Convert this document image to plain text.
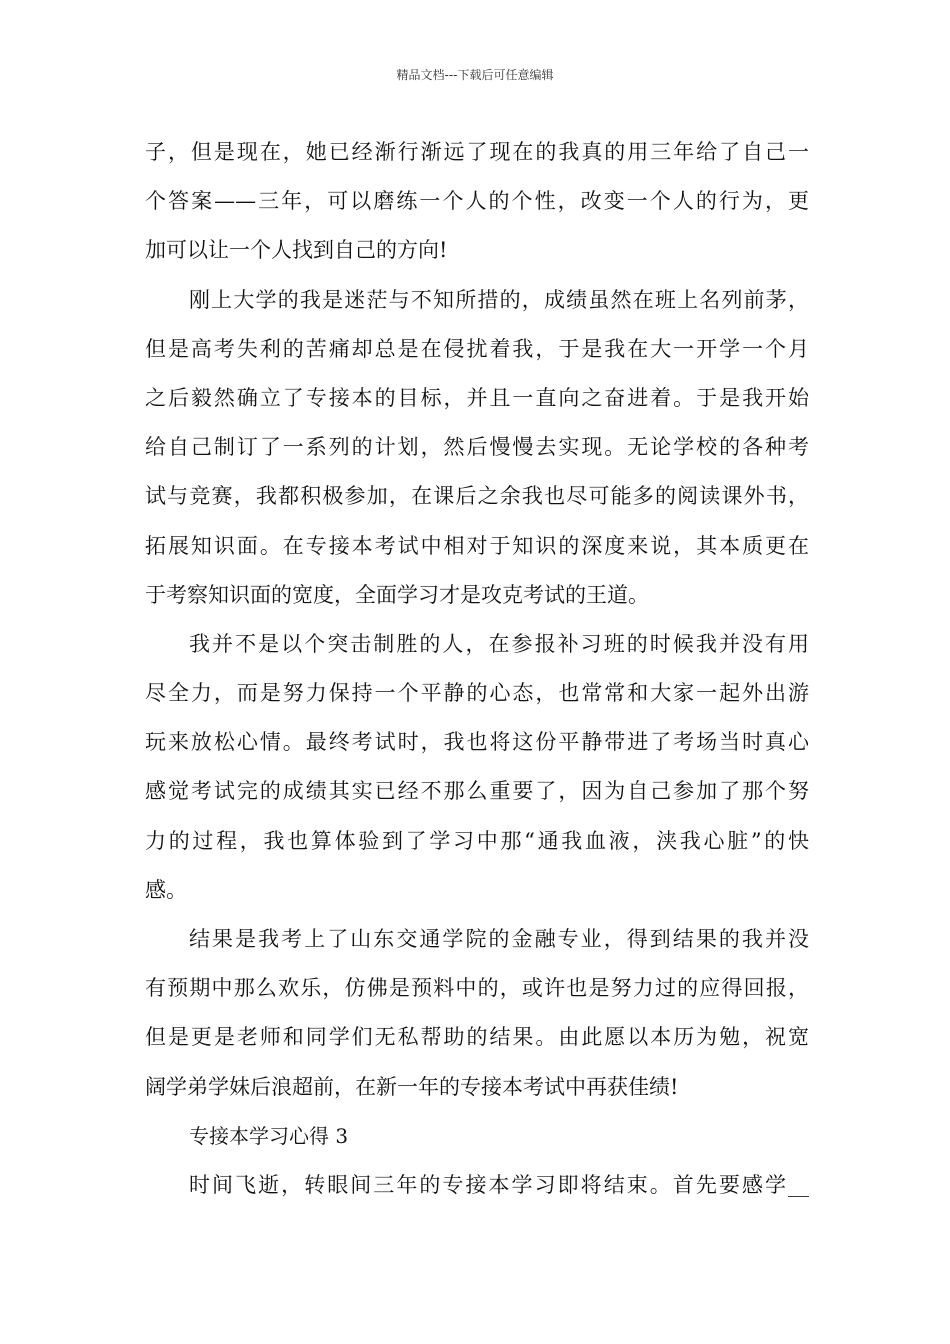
精品文档---下载后可任意编辑
子，但是现在，她已经渐行渐远了现在的我真的用三年给了自己一
个答案——三年，可以磨练一个人的个性，改变一个人的行为，更
加可以让一个人找到自己的方向!
刚上大学的我是迷茫与不知所措的，成绩虽然在班上名列前茅，
但是高考失利的苦痛却总是在侵扰着我，于是我在大一开学一个月
之后毅然确立了专接本的目标，并且一直向之奋进着。于是我开始
给自己制订了一系列的计划，然后慢慢去实现。无论学校的各种考
试与竞赛，我都积极参加，在课后之余我也尽可能多的阅读课外书，
拓展知识面。在专接本考试中相对于知识的深度来说，其本质更在
于考察知识面的宽度，全面学习才是攻克考试的王道。
我并不是以个突击制胜的人，在参报补习班的时候我并没有用
尽全力，而是努力保持一个平静的心态，也常常和大家一起外出游
玩来放松心情。最终考试时，我也将这份平静带进了考场当时真心
感觉考试完的成绩其实已经不那么重要了，因为自己参加了那个努
力的过程，我也算体验到了学习中那“通我血液，浃我心脏”的快
感。
结果是我考上了山东交通学院的金融专业，得到结果的我并没
有预期中那么欢乐，仿佛是预料中的，或许也是努力过的应得回报，
但是更是老师和同学们无私帮助的结果。由此愿以本历为勉，祝宽
阔学弟学妹后浪超前，在新一年的专接本考试中再获佳绩!
专接本学习心得 3
时间飞逝，转眼间三年的专接本学习即将结束。首先要感学__
